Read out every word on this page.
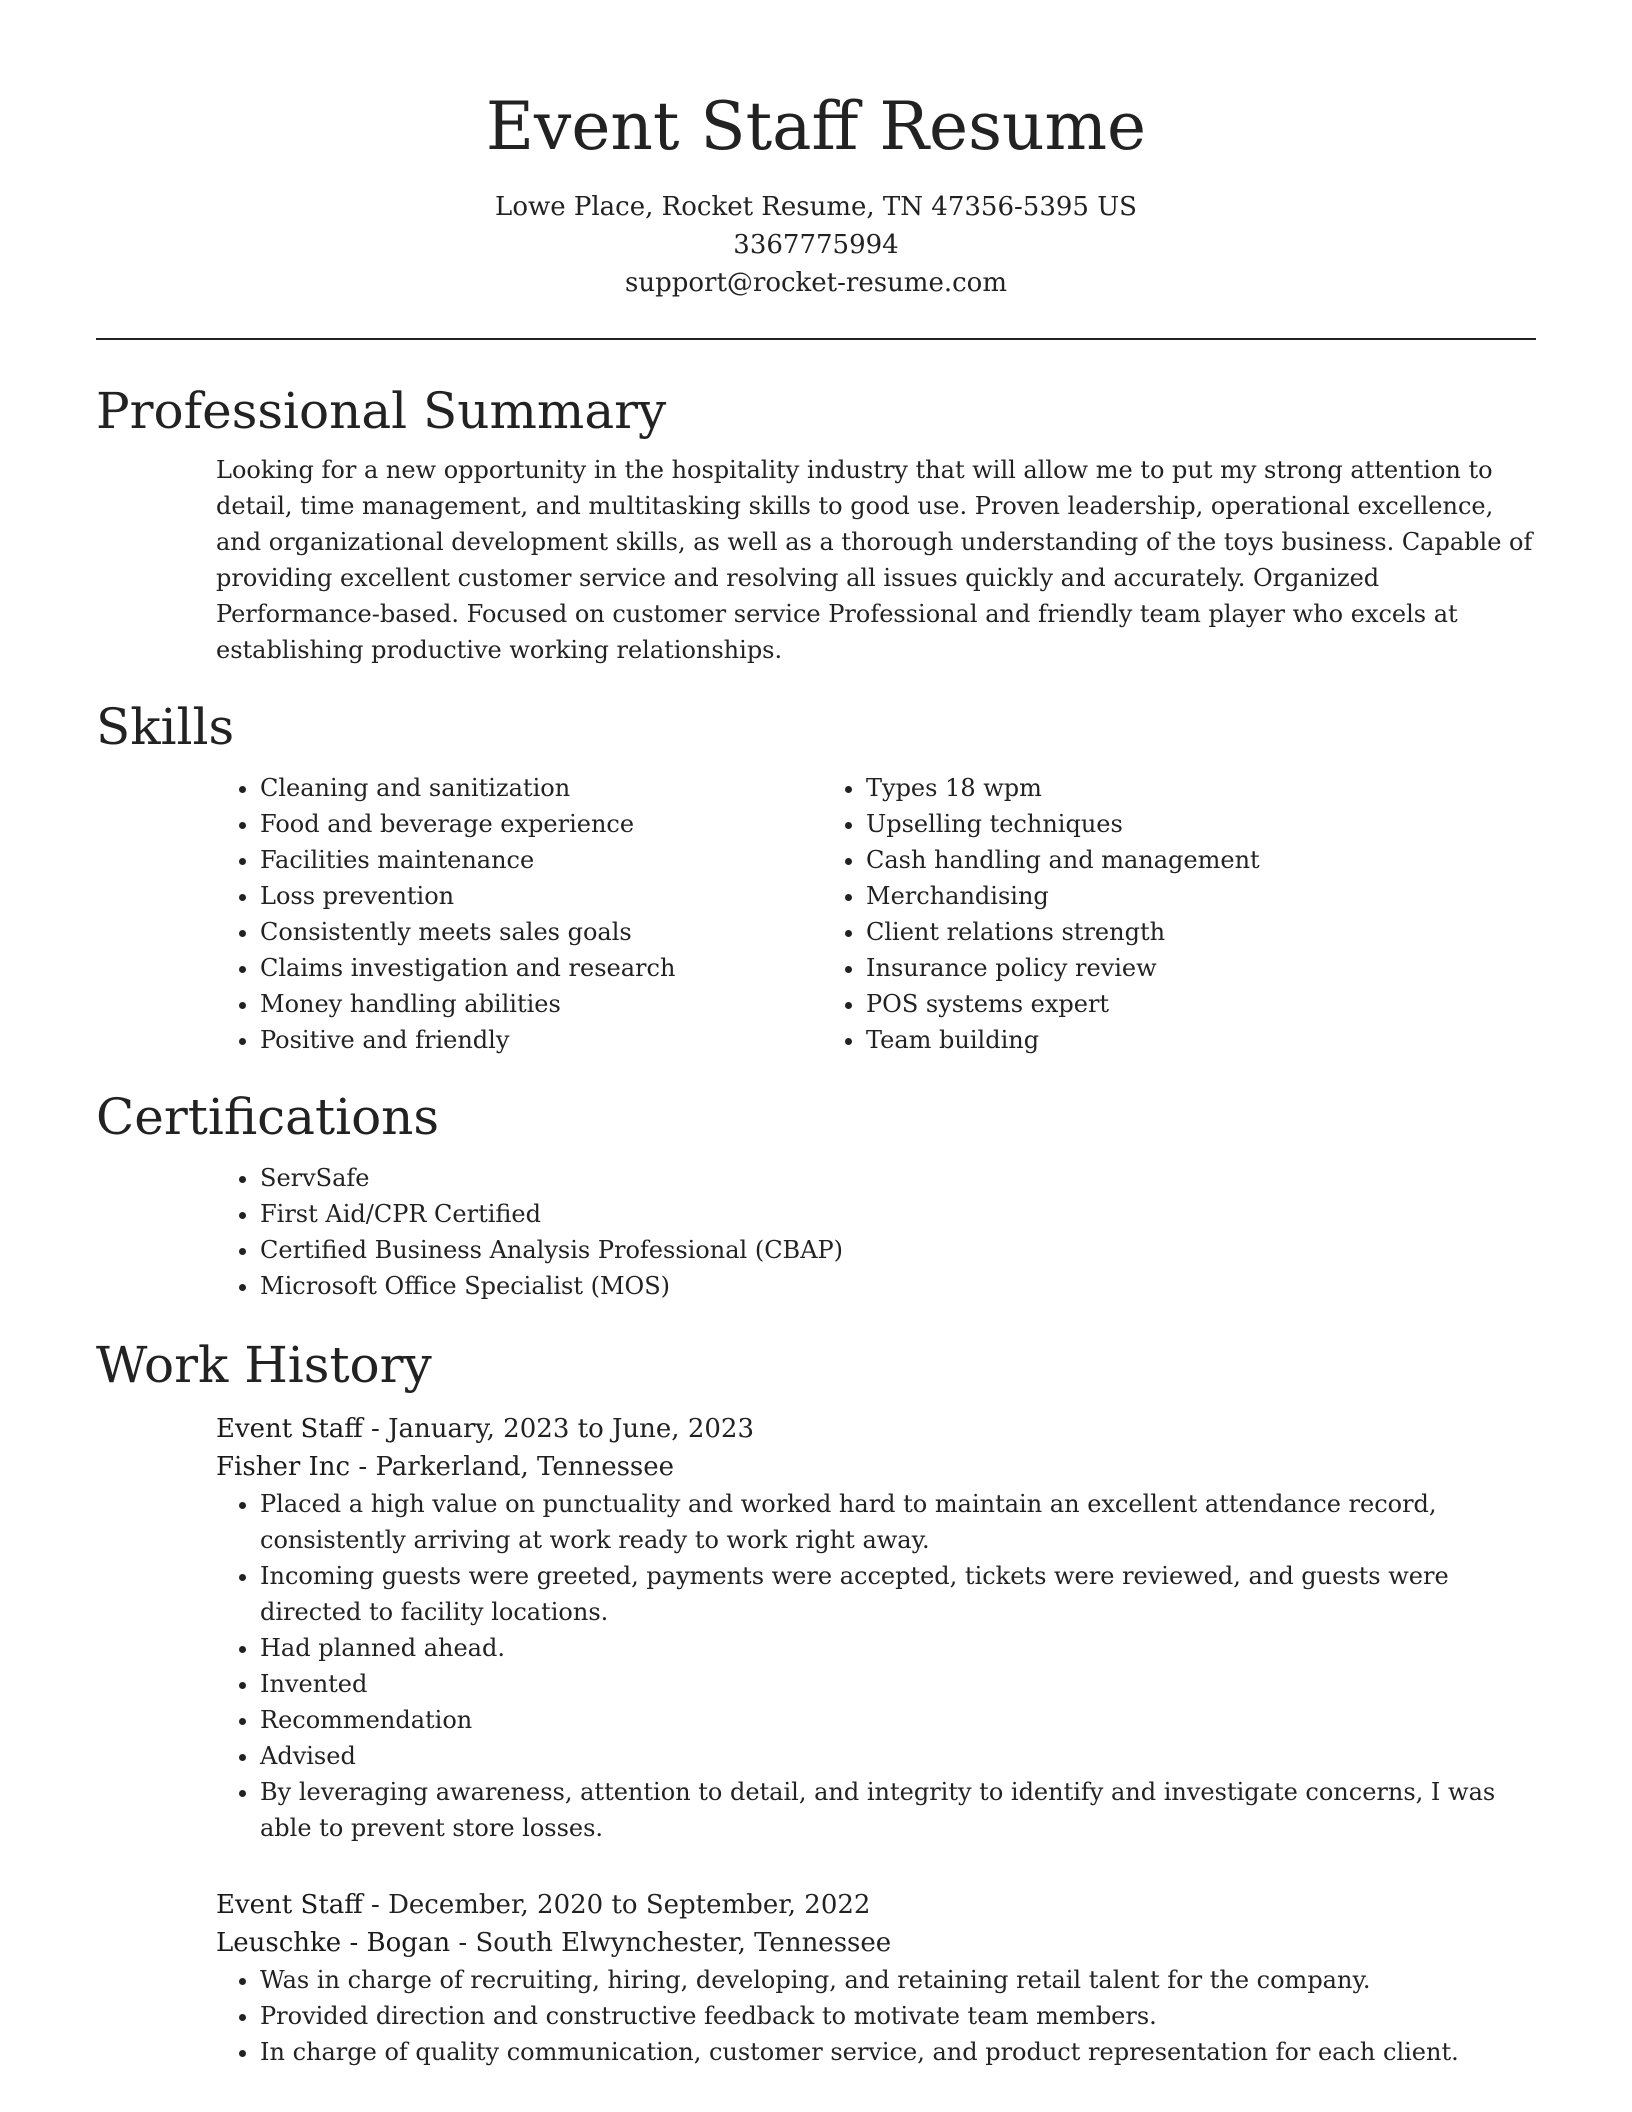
Event Staff Resume
Lowe Place, Rocket Resume, TN 47356-5395 US
3367775994
support@rocket-resume.com
Professional Summary

Looking for a new opportunity in the hospitality industry that will allow me to put my strong attention to detail, time management, and multitasking skills to good use. Proven leadership, operational excellence, and organizational development skills, as well as a thorough understanding of the toys business. Capable of providing excellent customer service and resolving all issues quickly and accurately. Organized Performance-based. Focused on customer service Professional and friendly team player who excels at establishing productive working relationships.

Skills
• Cleaning and sanitization
• Food and beverage experience
• Facilities maintenance
• Loss prevention
• Consistently meets sales goals
• Claims investigation and research
• Money handling abilities
• Positive and friendly
• Types 18 wpm
• Upselling techniques
• Cash handling and management
• Merchandising
• Client relations strength
• Insurance policy review
• POS systems expert
• Team building
Certifications
• ServSafe
• First Aid/CPR Certified
• Certified Business Analysis Professional (CBAP)
• Microsoft Office Specialist (MOS)
Work History
Event Staff - January, 2023 to June, 2023
Fisher Inc - Parkerland, Tennessee
• Placed a high value on punctuality and worked hard to maintain an excellent attendance record, consistently arriving at work ready to work right away.
• Incoming guests were greeted, payments were accepted, tickets were reviewed, and guests were directed to facility locations.
• Had planned ahead.
• Invented
• Recommendation
• Advised
• By leveraging awareness, attention to detail, and integrity to identify and investigate concerns, I was able to prevent store losses.
Event Staff - December, 2020 to September, 2022
Leuschke - Bogan - South Elwynchester, Tennessee
• Was in charge of recruiting, hiring, developing, and retaining retail talent for the company.
• Provided direction and constructive feedback to motivate team members.
• In charge of quality communication, customer service, and product representation for each client.
